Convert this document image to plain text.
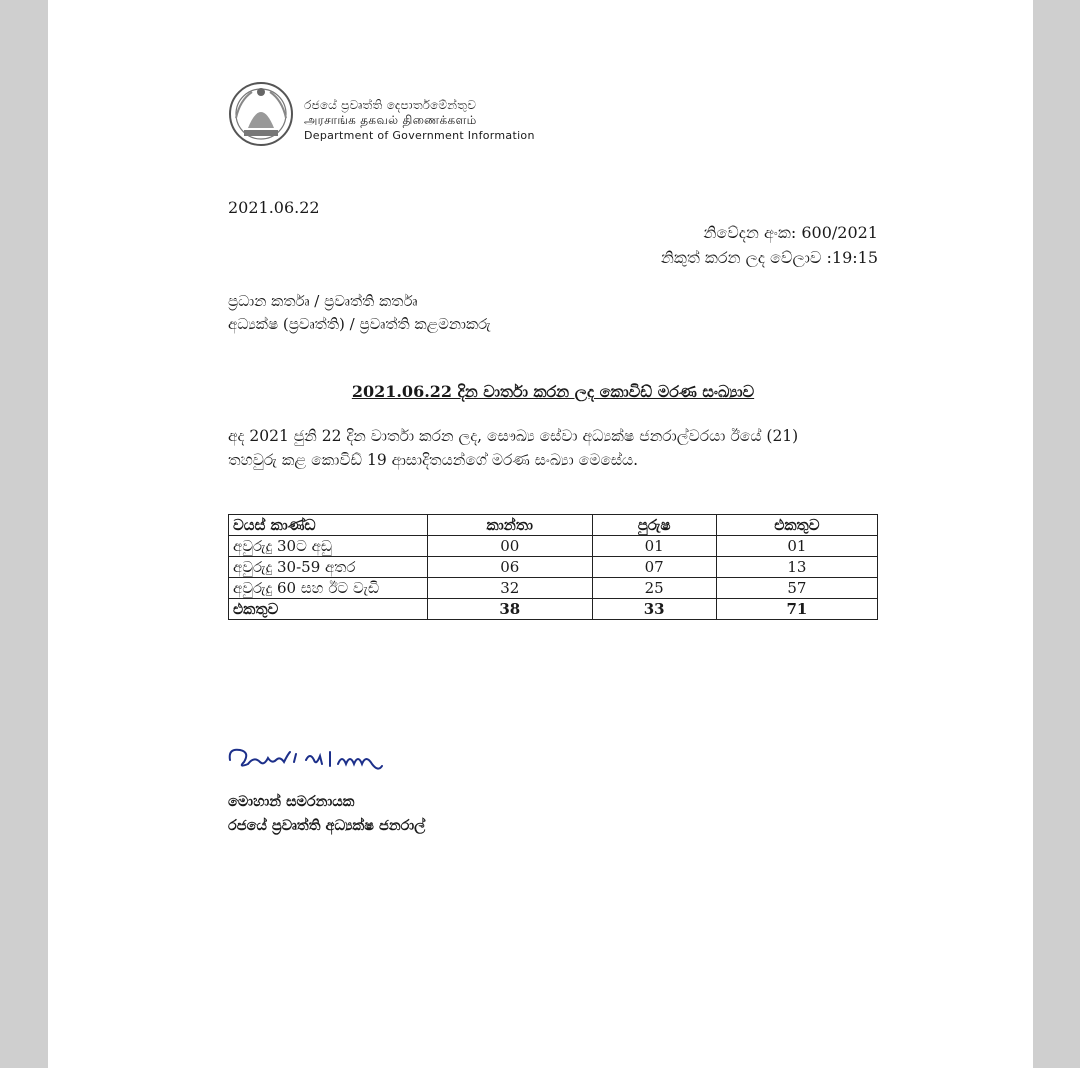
රජයේ ප්‍රවෘත්ති දෙපාර්තමේන්තුව
அரசாங்க தகவல் திணைக்களம்
Department of Government Information
2021.06.22
නිවේදන අංක: 600/2021
නිකුත් කරන ලද වේලාව :19:15
ප්‍රධාන කර්තෘ / ප්‍රවෘත්ති කර්තෘ
අධ්‍යක්ෂ (ප්‍රවෘත්ති) / ප්‍රවෘත්ති කළමනාකරු
2021.06.22 දින වාර්තා කරන ලද කොවිඩ් මරණ සංඛ්‍යාව
අද 2021 ජුනි 22 දින වාර්තා කරන ලද, සෞඛ්‍ය සේවා අධ්‍යක්ෂ ජනරාල්වරයා ඊයේ (21)
තහවුරු කළ කොවිඩ් 19 ආසාදිතයන්ගේ මරණ සංඛ්‍යා මෙසේය.
වයස් කාණ්ඩ	කාන්තා	පුරුෂ	එකතුව
අවුරුදු 30ට අඩු	00	01	01
අවුරුදු 30-59 අතර	06	07	13
අවුරුදු 60 සහ ඊට වැඩි	32	25	57
එකතුව	38	33	71
මොහාන් සමරනායක
රජයේ ප්‍රවෘත්ති අධ්‍යක්ෂ ජනරාල්
